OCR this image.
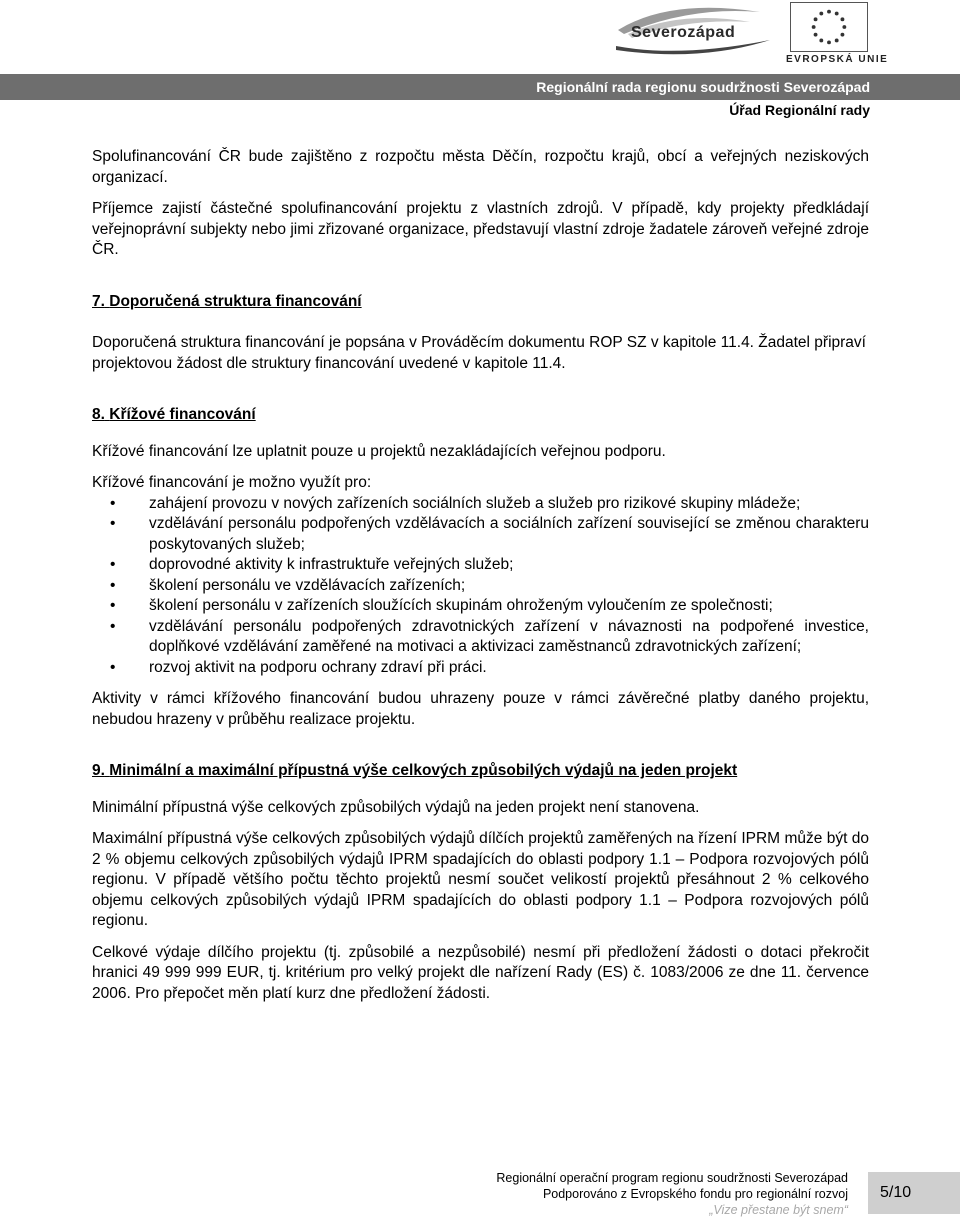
Severozápad
EVROPSKÁ UNIE
Regionální rada regionu soudržnosti Severozápad
Úřad Regionální rady

Spolufinancování ČR bude zajištěno z rozpočtu města Děčín, rozpočtu krajů, obcí a veřejných neziskových organizací.

Příjemce zajistí částečné spolufinancování projektu z vlastních zdrojů. V případě, kdy projekty předkládají veřejnoprávní subjekty nebo jimi zřizované organizace, představují vlastní zdroje žadatele zároveň veřejné zdroje ČR.

7. Doporučená struktura financování

Doporučená struktura financování je popsána v Prováděcím dokumentu ROP SZ v kapitole 11.4. Žadatel připraví projektovou žádost dle struktury financování uvedené v kapitole 11.4.

8. Křížové financování

Křížové financování lze uplatnit pouze u projektů nezakládajících veřejnou podporu.

Křížové financování je možno využít pro:

• zahájení provozu v nových zařízeních sociálních služeb a služeb pro rizikové skupiny mládeže;
• vzdělávání personálu podpořených vzdělávacích a sociálních zařízení související se změnou charakteru poskytovaných služeb;
• doprovodné aktivity k infrastruktuře veřejných služeb;
• školení personálu ve vzdělávacích zařízeních;
• školení personálu v zařízeních sloužících skupinám ohroženým vyloučením ze společnosti;
• vzdělávání personálu podpořených zdravotnických zařízení v návaznosti na podpořené investice, doplňkové vzdělávání zaměřené na motivaci a aktivizaci zaměstnanců zdravotnických zařízení;
• rozvoj aktivit na podporu ochrany zdraví při práci.

Aktivity v rámci křížového financování budou uhrazeny pouze v rámci závěrečné platby daného projektu, nebudou hrazeny v průběhu realizace projektu.

9. Minimální a maximální přípustná výše celkových způsobilých výdajů na jeden projekt

Minimální přípustná výše celkových způsobilých výdajů na jeden projekt není stanovena.

Maximální přípustná výše celkových způsobilých výdajů dílčích projektů zaměřených na řízení IPRM může být do 2 % objemu celkových způsobilých výdajů IPRM spadajících do oblasti podpory 1.1 – Podpora rozvojových pólů regionu. V případě většího počtu těchto projektů nesmí součet velikostí projektů přesáhnout 2 % celkového objemu celkových způsobilých výdajů IPRM spadajících do oblasti podpory 1.1 – Podpora rozvojových pólů regionu.

Celkové výdaje dílčího projektu (tj. způsobilé a nezpůsobilé) nesmí při předložení žádosti o dotaci překročit hranici 49 999 999 EUR, tj. kritérium pro velký projekt dle nařízení Rady (ES) č. 1083/2006 ze dne 11. července 2006. Pro přepočet měn platí kurz dne předložení žádosti.

Regionální operační program regionu soudržnosti Severozápad
Podporováno z Evropského fondu pro regionální rozvoj
„Vize přestane být snem“
5/10
